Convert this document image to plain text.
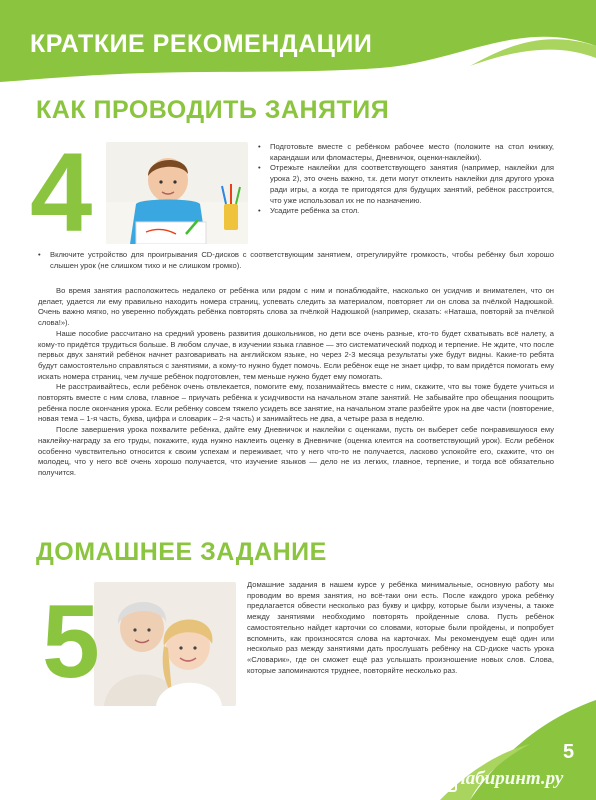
КРАТКИЕ РЕКОМЕНДАЦИИ
КАК ПРОВОДИТЬ ЗАНЯТИЯ
4
•	Подготовьте вместе с ребёнком рабочее место (положите на стол книжку, карандаши или фломастеры, Дневничок, оценки-наклейки).
• Отрежьте наклейки для соответствующего занятия (например, наклейки для урока 2), это очень важно, т.к. дети могут отклеить наклейки для другого урока ради игры, а когда те пригодятся для будущих занятий, ребёнок расстроится, что уже использовал их не по назначению.
• Усадите ребёнка за стол.
• Включите устройство для проигрывания CD-дисков с соответствующим занятием, отрегулируйте громкость, чтобы ребёнку был хорошо слышен урок (не слишком тихо и не слишком громко).

Во время занятия расположитесь недалеко от ребёнка или рядом с ним и понаблюдайте, насколько он усидчив и внимателен, что он делает, удается ли ему правильно находить номера страниц, успевать следить за материалом, повторяет ли он слова за пчёлкой Надюшкой. Очень важно мягко, но уверенно побуждать ребёнка повторять слова за пчёлкой Надюшкой (например, сказать: «Наташа, повторяй за пчёлкой слова!»).

Наше пособие рассчитано на средний уровень развития дошкольников, но дети все очень разные, кто-то будет схватывать всё налету, а кому-то придётся трудиться больше. В любом случае, в изучении языка главное — это систематический подход и терпение. Не ждите, что после первых двух занятий ребёнок начнет разговаривать на английском языке, но через 2-3 месяца результаты уже будут видны. Какие-то ребята будут самостоятельно справляться с занятиями, а кому-то нужно будет помочь. Если ребёнок еще не знает цифр, то вам придётся помогать ему искать номера страниц, чем лучше ребёнок подготовлен, тем меньше нужно будет ему помогать.

Не расстраивайтесь, если ребёнок очень отвлекается, помогите ему, позанимайтесь вместе с ним, скажите, что вы тоже будете учиться и повторять вместе с ним слова, главное – приучать ребёнка к усидчивости на начальном этапе занятий. Не забывайте про обещания поощрить ребёнка после окончания урока. Если ребёнку совсем тяжело усидеть все занятие, на начальном этапе разбейте урок на две части (повторение, новая тема – 1-я часть, буква, цифра и словарик – 2-я часть) и занимайтесь не два, а четыре раза в неделю.

После завершения урока похвалите ребёнка, дайте ему Дневничок и наклейки с оценками, пусть он выберет себе понравившуюся ему наклейку-награду за его труды, покажите, куда нужно наклеить оценку в Дневничке (оценка клеится на соответствующий урок). Если ребёнок особенно чувствительно относится к своим успехам и переживает, что у него что-то не получается, ласково успокойте его, скажите, что он молодец, что у него всё очень хорошо получается, что изучение языков — дело не из легких, главное, терпение, и тогда всё обязательно получится.

ДОМАШНЕЕ ЗАДАНИЕ
5	Домашние задания в нашем курсе у ребёнка минимальные, основную работу мы проводим во время занятия, но всё-таки они есть. После каждого урока ребёнку предлагается обвести несколько раз букву и цифру, которые были изучены, а также между занятиями необходимо повторять пройденные слова. Пусть ребёнок самостоятельно найдет карточки со словами, которые были пройдены, и попробует вспомнить, как произносятся слова на карточках. Мы рекомендуем ещё один или несколько раз между занятиями дать прослушать ребёнку на CD-диске часть урока «Словарик», где он сможет ещё раз услышать произношение новых слов. Слова, которые запоминаются труднее, повторяйте несколько раз.

5
Л лабиринт.ру
